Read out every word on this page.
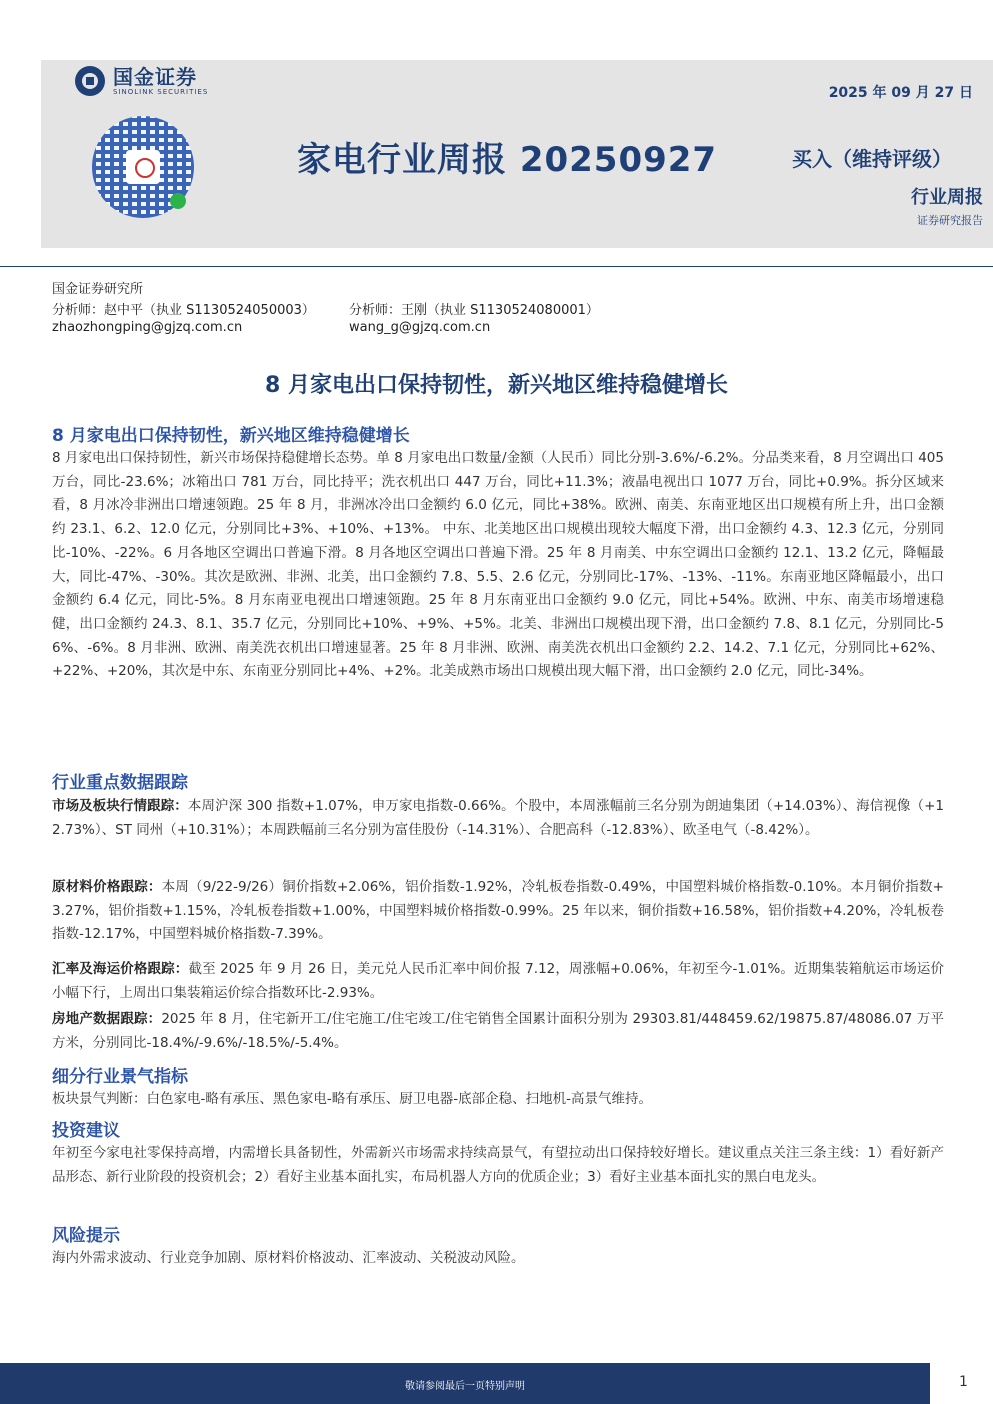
国金证券
SINOLINK SECURITIES	2025 年 09 月 27 日
家电行业周报 20250927	买入（维持评级）
行业周报
证券研究报告
国金证券研究所
分析师：赵中平（执业 S1130524050003）	分析师：王刚（执业 S1130524080001）
zhaozhongping@gjzq.com.cn	wang_g@gjzq.com.cn
8 月家电出口保持韧性，新兴地区维持稳健增长
8 月家电出口保持韧性，新兴地区维持稳健增长
8 月家电出口保持韧性，新兴市场保持稳健增长态势。单 8 月家电出口数量/金额（人民币）同比分别-3.6%/-6.2%。分品类来看，8 月空调出口 405 万台，同比-23.6%；冰箱出口 781 万台，同比持平；洗衣机出口 447 万台，同比+11.3%；液晶电视出口 1077 万台，同比+0.9%。拆分区域来看，8 月冰冷非洲出口增速领跑。25 年 8 月，非洲冰冷出口金额约 6.0 亿元，同比+38%。欧洲、南美、东南亚地区出口规模有所上升，出口金额约 23.1、6.2、12.0 亿元，分别同比+3%、+10%、+13%。 中东、北美地区出口规模出现较大幅度下滑，出口金额约 4.3、12.3 亿元，分别同比-10%、-22%。6 月各地区空调出口普遍下滑。8 月各地区空调出口普遍下滑。25 年 8 月南美、中东空调出口金额约 12.1、13.2 亿元，降幅最大，同比-47%、-30%。其次是欧洲、非洲、北美，出口金额约 7.8、5.5、2.6 亿元，分别同比-17%、-13%、-11%。东南亚地区降幅最小，出口金额约 6.4 亿元，同比-5%。8 月东南亚电视出口增速领跑。25 年 8 月东南亚出口金额约 9.0 亿元，同比+54%。欧洲、中东、南美市场增速稳健，出口金额约 24.3、8.1、35.7 亿元，分别同比+10%、+9%、+5%。北美、非洲出口规模出现下滑，出口金额约 7.8、8.1 亿元，分别同比-56%、-6%。8 月非洲、欧洲、南美洗衣机出口增速显著。25 年 8 月非洲、欧洲、南美洗衣机出口金额约 2.2、14.2、7.1 亿元，分别同比+62%、+22%、+20%，其次是中东、东南亚分别同比+4%、+2%。北美成熟市场出口规模出现大幅下滑，出口金额约 2.0 亿元，同比-34%。
行业重点数据跟踪
市场及板块行情跟踪：本周沪深 300 指数+1.07%，申万家电指数-0.66%。个股中，本周涨幅前三名分别为朗迪集团（+14.03%）、海信视像（+12.73%）、ST 同州（+10.31%）；本周跌幅前三名分别为富佳股份（-14.31%）、合肥高科（-12.83%）、欧圣电气（-8.42%）。
原材料价格跟踪：本周（9/22-9/26）铜价指数+2.06%，铝价指数-1.92%，冷轧板卷指数-0.49%，中国塑料城价格指数-0.10%。本月铜价指数+3.27%，铝价指数+1.15%，冷轧板卷指数+1.00%，中国塑料城价格指数-0.99%。25 年以来，铜价指数+16.58%，铝价指数+4.20%，冷轧板卷指数-12.17%，中国塑料城价格指数-7.39%。
汇率及海运价格跟踪：截至 2025 年 9 月 26 日，美元兑人民币汇率中间价报 7.12，周涨幅+0.06%，年初至今-1.01%。近期集装箱航运市场运价小幅下行，上周出口集装箱运价综合指数环比-2.93%。
房地产数据跟踪：2025 年 8 月，住宅新开工/住宅施工/住宅竣工/住宅销售全国累计面积分别为 29303.81/448459.62/19875.87/48086.07 万平方米，分别同比-18.4%/-9.6%/-18.5%/-5.4%。
细分行业景气指标
板块景气判断：白色家电-略有承压、黑色家电-略有承压、厨卫电器-底部企稳、扫地机-高景气维持。
投资建议
年初至今家电社零保持高增，内需增长具备韧性，外需新兴市场需求持续高景气，有望拉动出口保持较好增长。建议重点关注三条主线：1）看好新产品形态、新行业阶段的投资机会；2）看好主业基本面扎实，布局机器人方向的优质企业；3）看好主业基本面扎实的黑白电龙头。
风险提示
海内外需求波动、行业竞争加剧、原材料价格波动、汇率波动、关税波动风险。
敬请参阅最后一页特别声明	1
